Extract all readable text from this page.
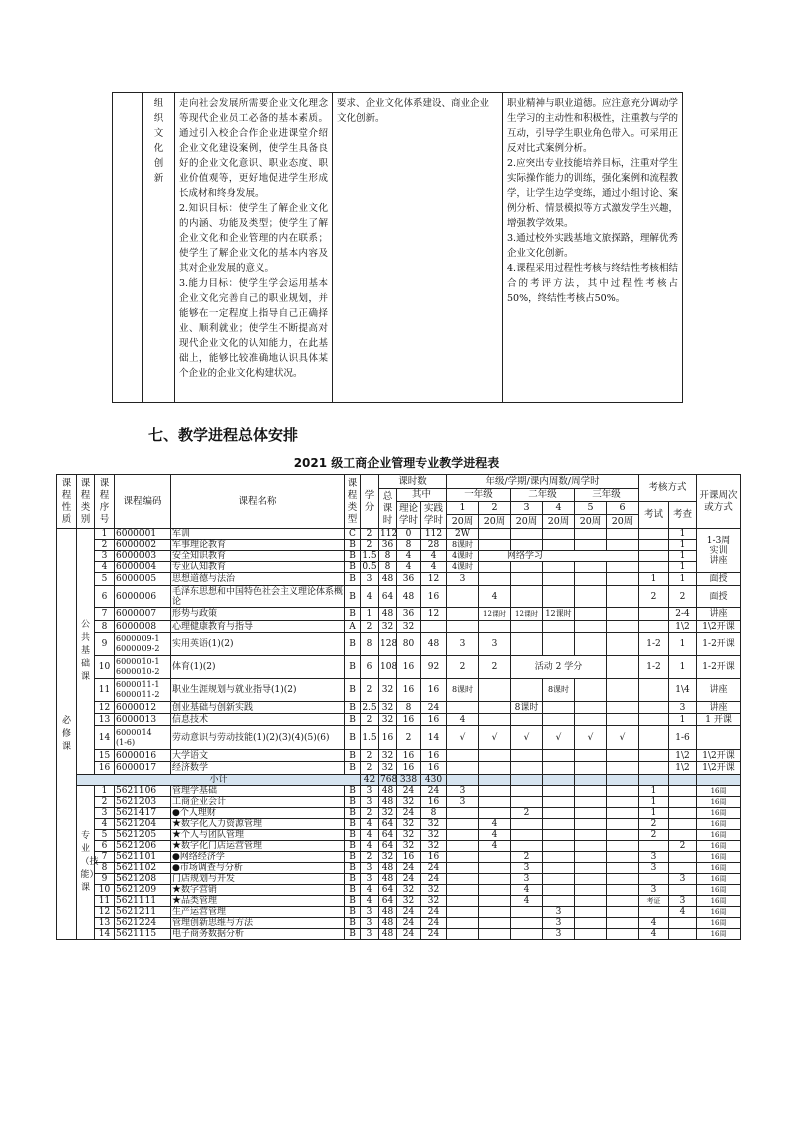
组织文化创新

走向社会发展所需要企业文化理念等现代企业员工必备的基本素质。通过引入校企合作企业进课堂介绍企业文化建设案例，使学生具备良好的企业文化意识、职业态度、职业价值观等，更好地促进学生形成长成材和终身发展。
2.知识目标：使学生了解企业文化的内涵、功能及类型；使学生了解企业文化和企业管理的内在联系；使学生了解企业文化的基本内容及其对企业发展的意义。
3.能力目标：使学生学会运用基本企业文化完善自己的职业规划，并能够在一定程度上指导自己正确择业、顺利就业；使学生不断提高对现代企业文化的认知能力，在此基础上，能够比较准确地认识具体某个企业的企业文化构建状况。

要求、企业文化体系建设、商业企业文化创新。

职业精神与职业道德。应注意充分调动学生学习的主动性和积极性，注重教与学的互动，引导学生职业角色带入。可采用正反对比式案例分析。
2.应突出专业技能培养目标，注重对学生实际操作能力的训练，强化案例和流程教学，让学生边学变练，通过小组讨论、案例分析、情景模拟等方式激发学生兴趣，增强教学效果。
3.通过校外实践基地文旅探路，理解优秀企业文化创新。
4.课程采用过程性考核与终结性考核相结合的考评方法，其中过程性考核占50%，终结性考核占50%。
七、教学进程总体安排
2021 级工商企业管理专业教学进程表
课程性质	课程类别	课程序号	课程编码	课程名称	课程类型	学分	课时数			年级/学期/课内周数/周学时						考核方式		开课周次或方式

							总课时	其中		一年级		二年级		三年级				

								理论学时	实践学时	1	2	3	4	5	6	考试	考查	
										20周	20周	20周	20周	20周	20周			

必修课	公共基础课	1	6000001	军训	C	2	112	0	112	2W							1	1-3周
实训
讲座
		2	6000002	军事理论教育	B	2	36	8	28	8课时							1	
		3	6000003	安全知识教育	B	1.5	8	4	4	4课时	网络学习						1	
		4	6000004	专业认知教育	B	0.5	8	4	4	4课时							1	
		5	6000005	思想道德与法治	B	3	48	36	12	3						1	1	面授
		6	6000006	毛泽东思想和中国特色社会主义理论体系概论	B	4	64	48	16		4					2	2	面授
		7	6000007	形势与政策	B	1	48	36	12		12课时	12课时	12课时				2-4	讲座
		8	6000008	心理健康教育与指导	A	2	32	32									1\2	1\2开课
		9	6000009-1
6000009-2	实用英语(1)(2)	B	8	128	80	48	3	3					1-2	1	1-2开课
		10	6000010-1
6000010-2	体育(1)(2)	B	6	108	16	92	2	2	活动 2 学分				1-2	1	1-2开课
		11	6000011-1
6000011-2	职业生涯规划与就业指导(1)(2)	B	2	32	16	16	8课时			8课时				1\4	讲座
		12	6000012	创业基础与创新实践	B	2.5	32	8	24			8课时					3	讲座
		13	6000013	信息技术	B	2	32	16	16	4							1	1 开课
		14	6000014
(1-6)	劳动意识与劳动技能(1)(2)(3)(4)(5)(6)	B	1.5	16	2	14	√	√	√	√	√	√		1-6	
		15	6000016	大学语文	B	2	32	16	16								1\2	1\2开课
		16	6000017	经济数学	B	2	32	16	16								1\2	1\2开课
	小计					42	768	338	430									

	专业（技能）课	1	5621106	管理学基础	B	3	48	24	24	3						1		16周
		2	5621203	工商企业会计	B	3	48	32	16	3						1		16周
		3	5621417	●个人理财	B	2	32	24	8			2				1		16周
		4	5621204	★数字化人力资源管理	B	4	64	32	32		4					2		16周
		5	5621205	★个人与团队管理	B	4	64	32	32		4					2		16周
		6	5621206	★数字化门店运营管理	B	4	64	32	32		4						2	16周
		7	5621101	●网络经济学	B	2	32	16	16			2				3		16周
		8	5621102	●市场调查与分析	B	3	48	24	24			3				3		16周
		9	5621208	门店规划与开发	B	3	48	24	24			3					3	16周
		10	5621209	★数字营销	B	4	64	32	32			4				3		16周
		11	5621111	★品类管理	B	4	64	32	32			4				考证	3	16周
		12	5621211	生产运营管理	B	3	48	24	24				3				4	16周
		13	5621224	管理创新思维与方法	B	3	48	24	24				3			4		16周
		14	5621115	电子商务数据分析	B	3	48	24	24				3			4		16周
